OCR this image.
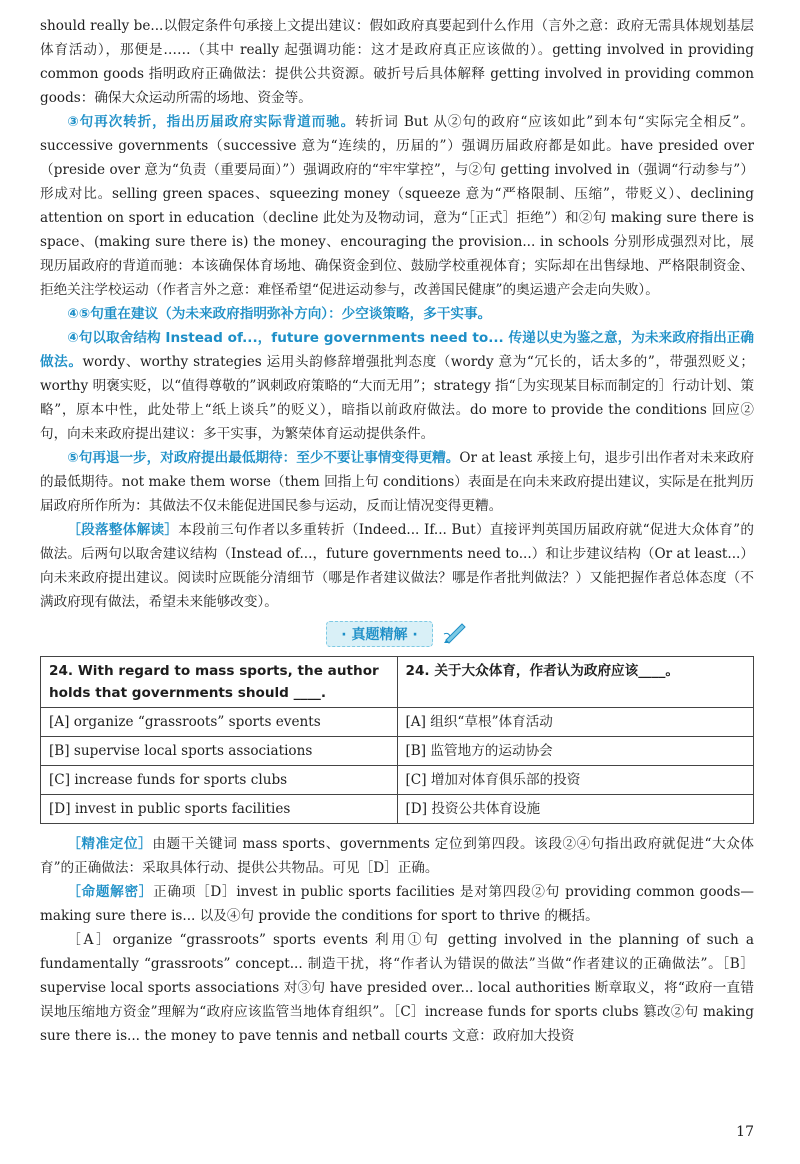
should really be...以假定条件句承接上文提出建议：假如政府真要起到什么作用（言外之意：政府无需具体规划基层体育活动），那便是……（其中 really 起强调功能：这才是政府真正应该做的）。getting involved in providing common goods 指明政府正确做法：提供公共资源。破折号后具体解释 getting involved in providing common goods：确保大众运动所需的场地、资金等。

③句再次转折，指出历届政府实际背道而驰。转折词 But 从②句的政府“应该如此”到本句“实际完全相反”。successive governments（successive 意为“连续的，历届的”）强调历届政府都是如此。have presided over（preside over 意为“负责（重要局面）”）强调政府的“牢牢掌控”，与②句 getting involved in（强调“行动参与”）形成对比。selling green spaces、squeezing money（squeeze 意为“严格限制、压缩”，带贬义）、declining attention on sport in education（decline 此处为及物动词，意为“［正式］拒绝”）和②句 making sure there is space、(making sure there is) the money、encouraging the provision... in schools 分别形成强烈对比，展现历届政府的背道而驰：本该确保体育场地、确保资金到位、鼓励学校重视体育；实际却在出售绿地、严格限制资金、拒绝关注学校运动（作者言外之意：难怪希望“促进运动参与，改善国民健康”的奥运遗产会走向失败）。

④⑤句重在建议（为未来政府指明弥补方向）：少空谈策略，多干实事。

④句以取舍结构 Instead of...，future governments need to... 传递以史为鉴之意，为未来政府指出正确做法。wordy、worthy strategies 运用头韵修辞增强批判态度（wordy 意为“冗长的，话太多的”，带强烈贬义；worthy 明褒实贬，以“值得尊敬的”讽刺政府策略的“大而无用”；strategy 指“［为实现某目标而制定的］行动计划、策略”，原本中性，此处带上“纸上谈兵”的贬义），暗指以前政府做法。do more to provide the conditions 回应②句，向未来政府提出建议：多干实事，为繁荣体育运动提供条件。

⑤句再退一步，对政府提出最低期待：至少不要让事情变得更糟。Or at least 承接上句，退步引出作者对未来政府的最低期待。not make them worse（them 回指上句 conditions）表面是在向未来政府提出建议，实际是在批判历届政府所作所为：其做法不仅未能促进国民参与运动，反而让情况变得更糟。

［段落整体解读］本段前三句作者以多重转折（Indeed... If... But）直接评判英国历届政府就“促进大众体育”的做法。后两句以取舍建议结构（Instead of...，future governments need to...）和让步建议结构（Or at least...）向未来政府提出建议。阅读时应既能分清细节（哪是作者建议做法？哪是作者批判做法？）又能把握作者总体态度（不满政府现有做法，希望未来能够改变）。

· 真题精解 ·
24. With regard to mass sports, the author holds that governments should ____.	24. 关于大众体育，作者认为政府应该____。
[A] organize “grassroots” sports events	[A] 组织“草根”体育活动
[B] supervise local sports associations	[B] 监管地方的运动协会
[C] increase funds for sports clubs	[C] 增加对体育俱乐部的投资
[D] invest in public sports facilities	[D] 投资公共体育设施

［精准定位］由题干关键词 mass sports、governments 定位到第四段。该段②④句指出政府就促进“大众体育”的正确做法：采取具体行动、提供公共物品。可见［D］正确。

［命题解密］正确项［D］invest in public sports facilities 是对第四段②句 providing common goods—making sure there is... 以及④句 provide the conditions for sport to thrive 的概括。

［A］organize “grassroots” sports events 利用①句 getting involved in the planning of such a fundamentally “grassroots” concept... 制造干扰，将“作者认为错误的做法”当做“作者建议的正确做法”。［B］supervise local sports associations 对③句 have presided over... local authorities 断章取义，将“政府一直错误地压缩地方资金”理解为“政府应该监管当地体育组织”。［C］increase funds for sports clubs 篡改②句 making sure there is... the money to pave tennis and netball courts 文意：政府加大投资

17
